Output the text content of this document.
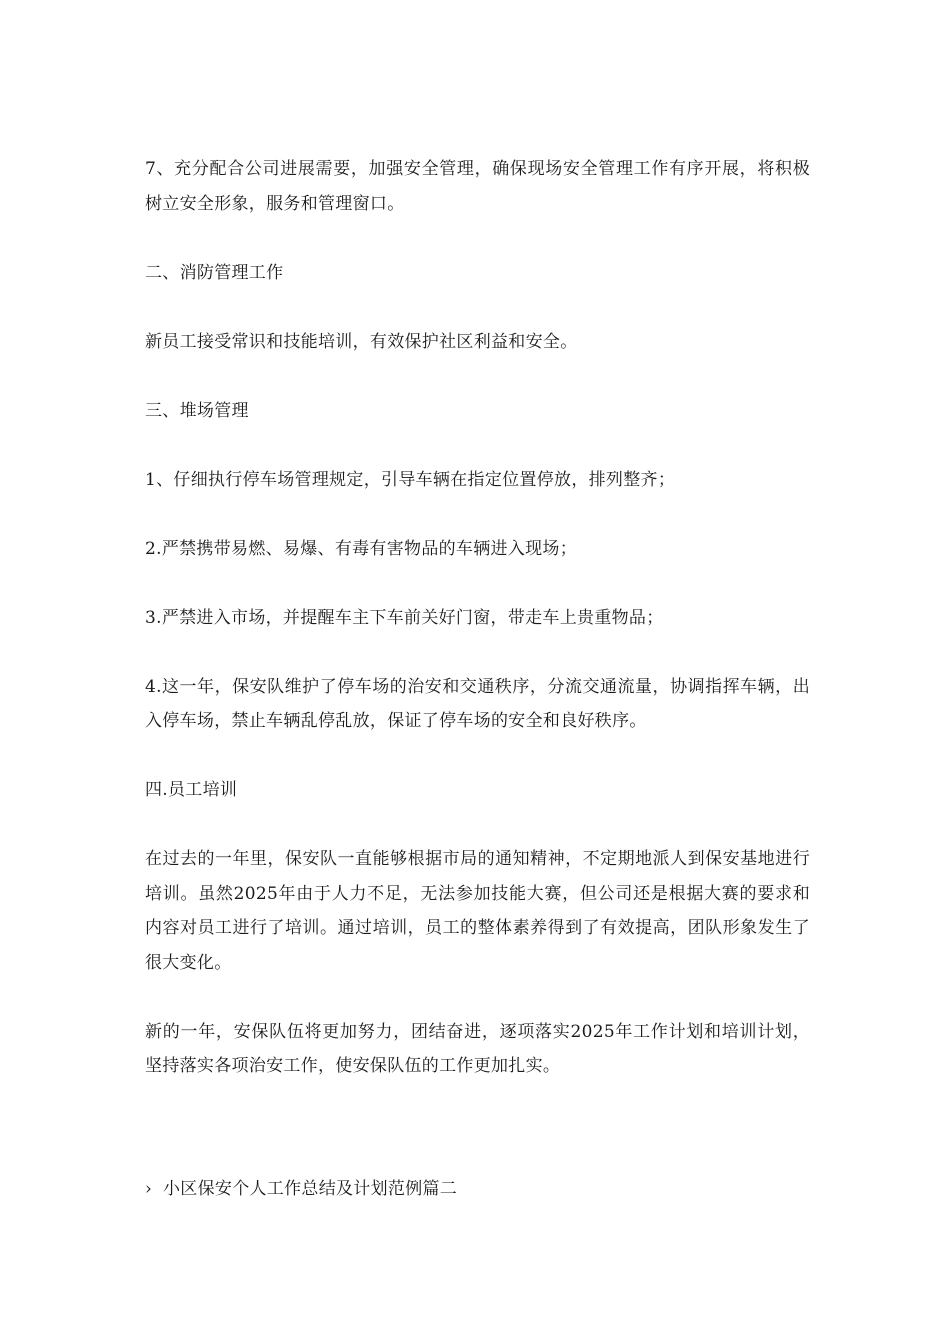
7、充分配合公司进展需要，加强安全管理，确保现场安全管理工作有序开展，将积极树立安全形象，服务和管理窗口。

二、消防管理工作

新员工接受常识和技能培训，有效保护社区利益和安全。

三、堆场管理

1、仔细执行停车场管理规定，引导车辆在指定位置停放，排列整齐；

2.严禁携带易燃、易爆、有毒有害物品的车辆进入现场；

3.严禁进入市场，并提醒车主下车前关好门窗，带走车上贵重物品；

4.这一年，保安队维护了停车场的治安和交通秩序，分流交通流量，协调指挥车辆，出入停车场，禁止车辆乱停乱放，保证了停车场的安全和良好秩序。

四.员工培训

在过去的一年里，保安队一直能够根据市局的通知精神，不定期地派人到保安基地进行培训。虽然2025年由于人力不足，无法参加技能大赛，但公司还是根据大赛的要求和内容对员工进行了培训。通过培训，员工的整体素养得到了有效提高，团队形象发生了很大变化。

新的一年，安保队伍将更加努力，团结奋进，逐项落实2025年工作计划和培训计划，坚持落实各项治安工作，使安保队伍的工作更加扎实。

› 小区保安个人工作总结及计划范例篇二
